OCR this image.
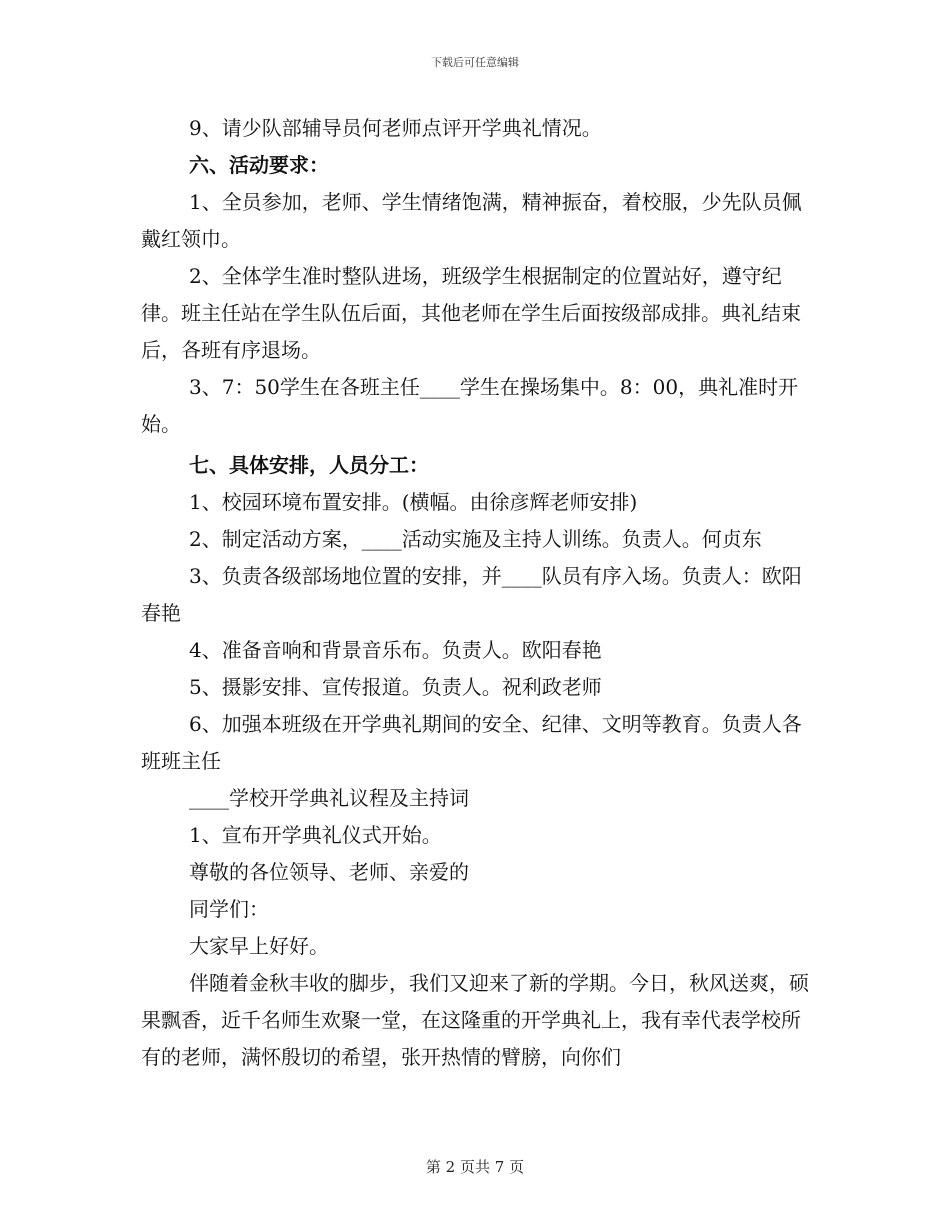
下载后可任意编辑

9、请少队部辅导员何老师点评开学典礼情况。

六、活动要求：

1、全员参加，老师、学生情绪饱满，精神振奋，着校服，少先队员佩戴红领巾。

2、全体学生准时整队进场，班级学生根据制定的位置站好，遵守纪律。班主任站在学生队伍后面，其他老师在学生后面按级部成排。典礼结束后，各班有序退场。

3、7：50学生在各班主任____学生在操场集中。8：00，典礼准时开始。

七、具体安排，人员分工：

1、校园环境布置安排。(横幅。由徐彦辉老师安排)

2、制定活动方案，____活动实施及主持人训练。负责人。何贞东

3、负责各级部场地位置的安排，并____队员有序入场。负责人：欧阳春艳

4、准备音响和背景音乐布。负责人。欧阳春艳

5、摄影安排、宣传报道。负责人。祝利政老师

6、加强本班级在开学典礼期间的安全、纪律、文明等教育。负责人各班班主任

____学校开学典礼议程及主持词

1、宣布开学典礼仪式开始。

尊敬的各位领导、老师、亲爱的

同学们：

大家早上好好。

伴随着金秋丰收的脚步，我们又迎来了新的学期。今日，秋风送爽，硕果飘香，近千名师生欢聚一堂，在这隆重的开学典礼上，我有幸代表学校所有的老师，满怀殷切的希望，张开热情的臂膀，向你们

第 2 页共 7 页
